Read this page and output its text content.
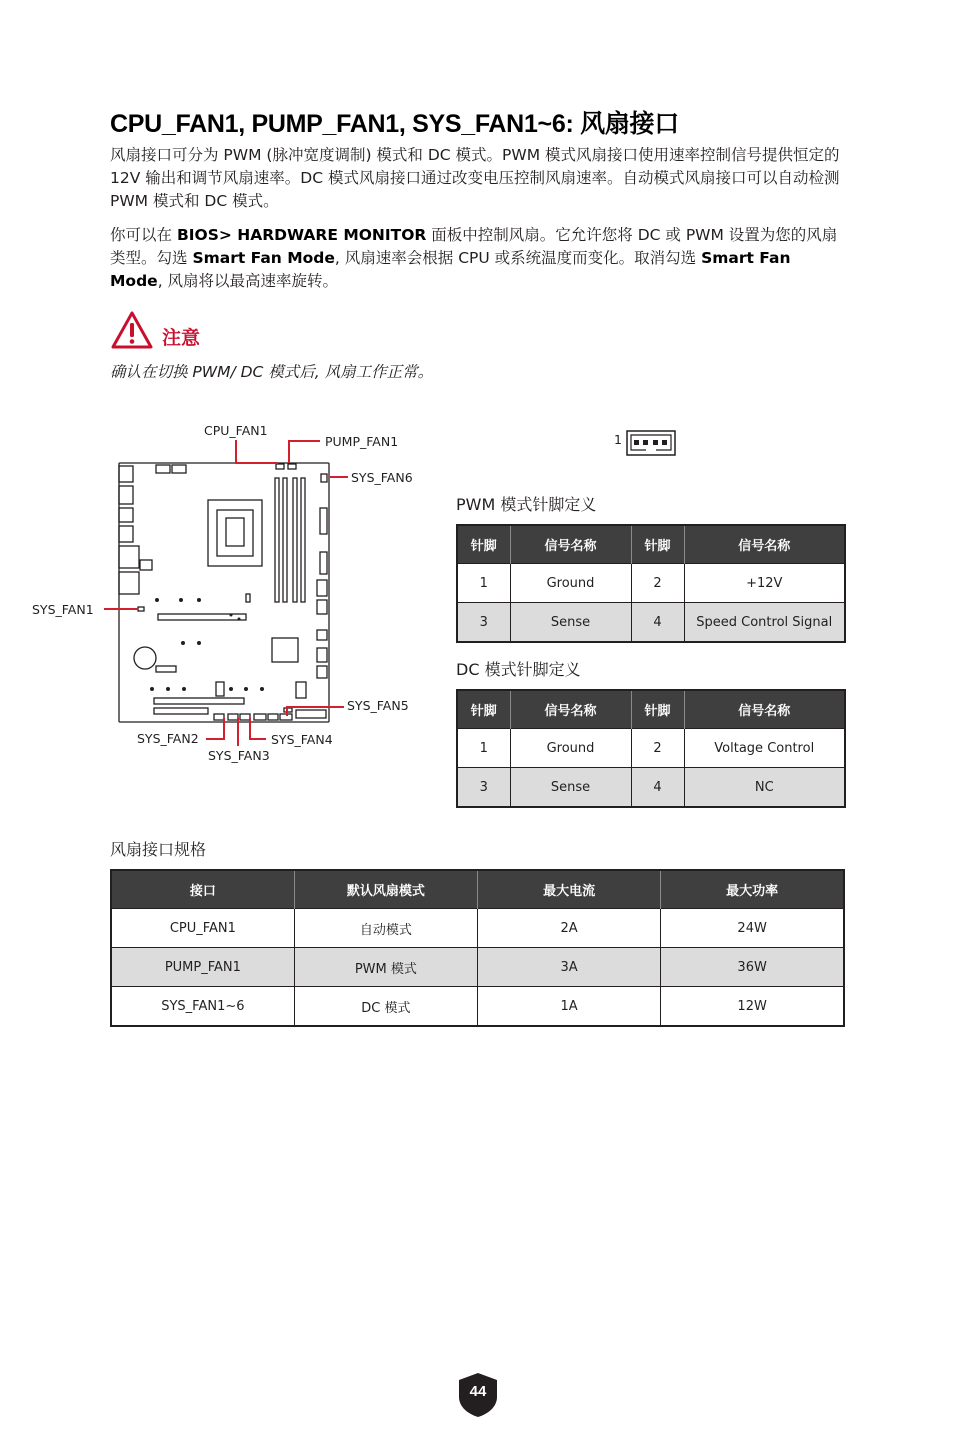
CPU_FAN1, PUMP_FAN1, SYS_FAN1~6: 风扇接口

风扇接口可分为 PWM (脉冲宽度调制) 模式和 DC 模式。PWM 模式风扇接口使用速率控制信号提供恒定的 12V 输出和调节风扇速率。DC 模式风扇接口通过改变电压控制风扇速率。自动模式风扇接口可以自动检测 PWM 模式和 DC 模式。

你可以在 BIOS> HARDWARE MONITOR 面板中控制风扇。它允许您将 DC 或 PWM 设置为您的风扇类型。勾选 Smart Fan Mode, 风扇速率会根据 CPU 或系统温度而变化。取消勾选 Smart Fan Mode, 风扇将以最高速率旋转。

注意
确认在切换 PWM/ DC 模式后, 风扇工作正常。
CPU_FAN1
PUMP_FAN1
SYS_FAN6
SYS_FAN1
SYS_FAN5
SYS_FAN2	SYS_FAN4
SYS_FAN3
1
PWM 模式针脚定义
针脚	信号名称	针脚	信号名称
1	Ground	2	+12V
3	Sense	4	Speed Control Signal
DC 模式针脚定义
针脚	信号名称	针脚	信号名称
1	Ground	2	Voltage Control
3	Sense	4	NC
风扇接口规格
接口	默认风扇模式	最大电流	最大功率
CPU_FAN1	自动模式	2A	24W
PUMP_FAN1	PWM 模式	3A	36W
SYS_FAN1~6	DC 模式	1A	12W
44
